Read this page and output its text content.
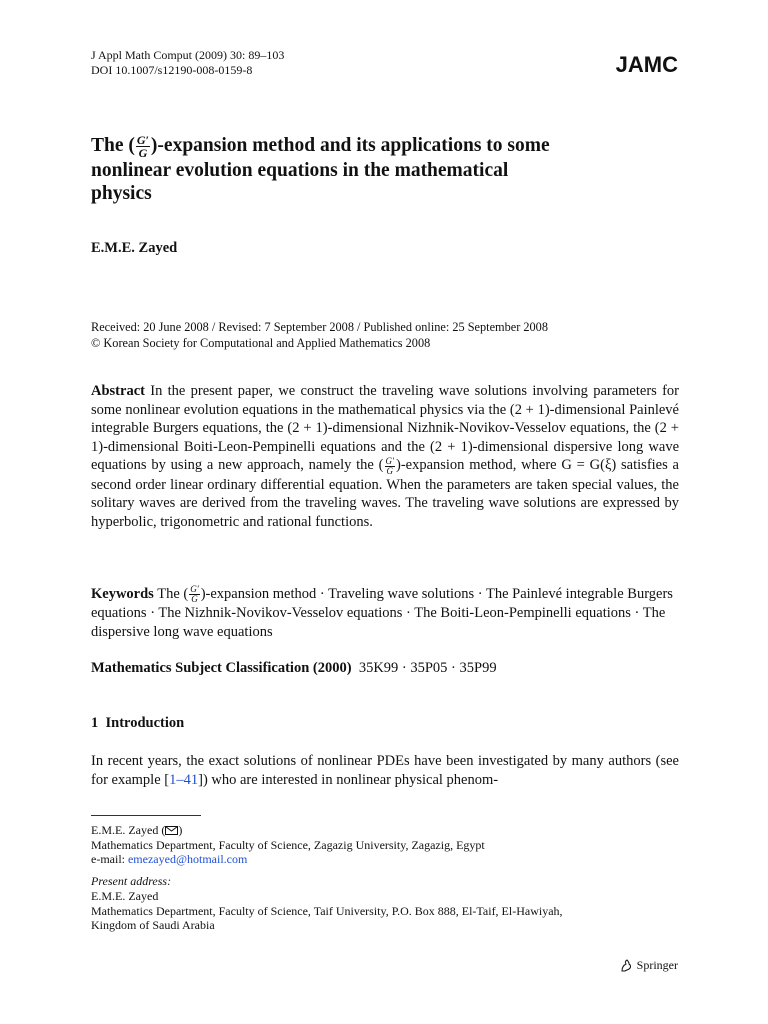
J Appl Math Comput (2009) 30: 89–103
DOI 10.1007/s12190-008-0159-8	JAMC
The ( $\frac{G'}{G}$ )-expansion method and its applications to some
nonlinear evolution equations in the mathematical
physics
E.M.E. Zayed
Received: 20 June 2008 / Revised: 7 September 2008 / Published online: 25 September 2008
© Korean Society for Computational and Applied Mathematics 2008
Abstract In the present paper, we construct the traveling wave solutions involving parameters for some nonlinear evolution equations in the mathematical physics via the (2 + 1)-dimensional Painlevé integrable Burgers equations, the (2 + 1)-dimensional Nizhnik-Novikov-Vesselov equations, the (2 + 1)-dimensional Boiti-Leon-Pempinelli equations and the (2 + 1)-dimensional dispersive long wave equations by using a new approach, namely the ( $\frac{G'}{G}$ )-expansion method, where G = G(ξ) satisfies a second order linear ordinary differential equation. When the parameters are taken special values, the solitary waves are derived from the traveling waves. The traveling wave solutions are expressed by hyperbolic, trigonometric and rational functions.
Keywords The ( $\frac{G'}{G}$ )-expansion method · Traveling wave solutions · The Painlevé integrable Burgers equations · The Nizhnik-Novikov-Vesselov equations · The Boiti-Leon-Pempinelli equations · The dispersive long wave equations
Mathematics Subject Classification (2000) 35K99 · 35P05 · 35P99
1 Introduction
In recent years, the exact solutions of nonlinear PDEs have been investigated by many authors (see for example [1–41]) who are interested in nonlinear physical phenom-
E.M.E. Zayed ( )
Mathematics Department, Faculty of Science, Zagazig University, Zagazig, Egypt
e-mail: emezayed@hotmail.com
Present address:
E.M.E. Zayed
Mathematics Department, Faculty of Science, Taif University, P.O. Box 888, El-Taif, El-Hawiyah,
Kingdom of Saudi Arabia
Springer
